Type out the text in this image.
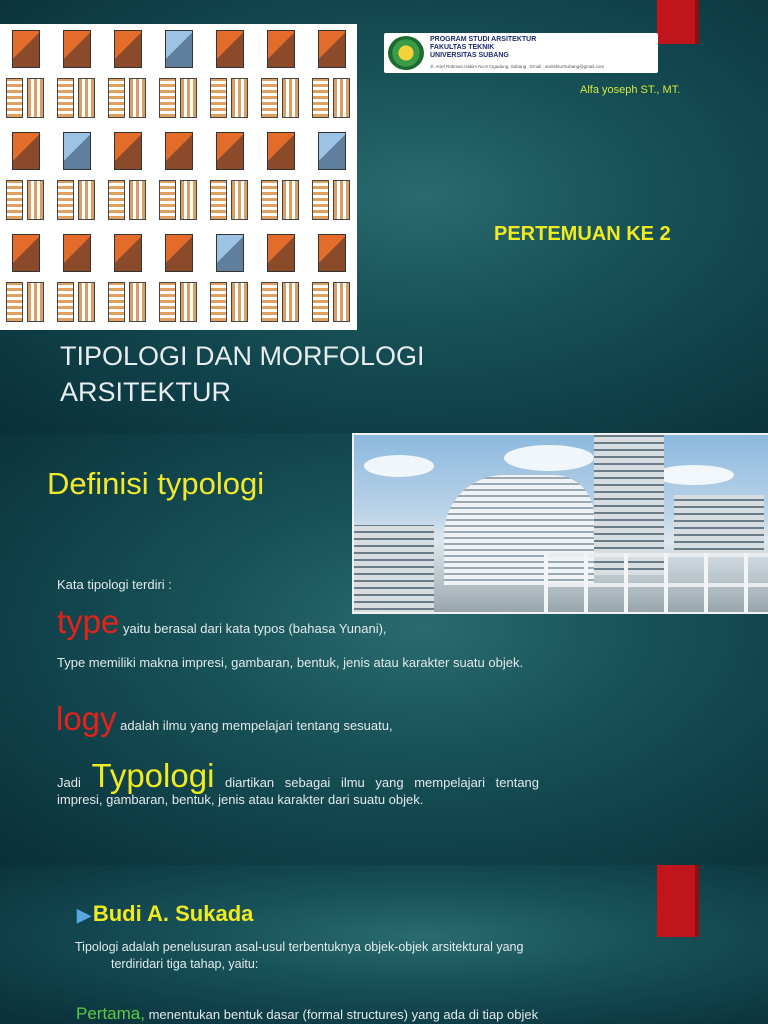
PROGRAM STUDI ARSITEKTUR
FAKULTAS TEKNIK
UNIVERSITAS SUBANG
Jl. Arief Rahman Hakim No.8 Cigadung, Subang . Email : arsitekturSubang@gmail.com
Alfa yoseph ST., MT.
PERTEMUAN KE 2
TIPOLOGI DAN MORFOLOGI
ARSITEKTUR
Definisi typologi
Kata tipologi terdiri :
type yaitu berasal dari kata typos (bahasa Yunani),
Type memiliki makna impresi, gambaran, bentuk, jenis atau karakter suatu objek.
logy adalah ilmu yang mempelajari tentang sesuatu,
Jadi Typologi diartikan sebagai ilmu yang mempelajari tentang impresi, gambaran, bentuk, jenis atau karakter dari suatu objek.
▶Budi A. Sukada
Tipologi adalah penelusuran asal-usul terbentuknya objek-objek arsitektural yang
terdiridari tiga tahap, yaitu:
Pertama, menentukan bentuk dasar (formal structures) yang ada di tiap objek
